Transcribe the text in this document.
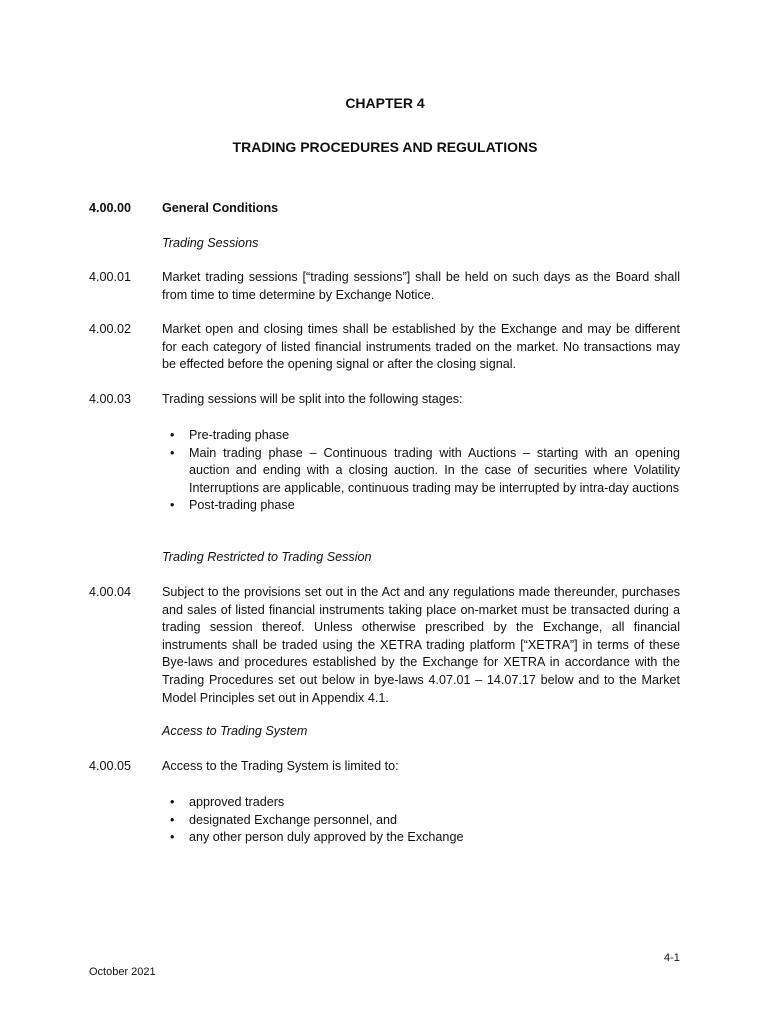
CHAPTER 4
TRADING PROCEDURES AND REGULATIONS
4.00.00 General Conditions
Trading Sessions
4.00.01 Market trading sessions [“trading sessions”] shall be held on such days as the Board shall from time to time determine by Exchange Notice.
4.00.02 Market open and closing times shall be established by the Exchange and may be different for each category of listed financial instruments traded on the market. No transactions may be effected before the opening signal or after the closing signal.
4.00.03 Trading sessions will be split into the following stages:
• Pre-trading phase
• Main trading phase – Continuous trading with Auctions – starting with an opening auction and ending with a closing auction. In the case of securities where Volatility Interruptions are applicable, continuous trading may be interrupted by intra-day auctions
• Post-trading phase
Trading Restricted to Trading Session
4.00.04 Subject to the provisions set out in the Act and any regulations made thereunder, purchases and sales of listed financial instruments taking place on-market must be transacted during a trading session thereof. Unless otherwise prescribed by the Exchange, all financial instruments shall be traded using the XETRA trading platform [“XETRA”] in terms of these Bye-laws and procedures established by the Exchange for XETRA in accordance with the Trading Procedures set out below in bye-laws 4.07.01 – 14.07.17 below and to the Market Model Principles set out in Appendix 4.1.
Access to Trading System
4.00.05 Access to the Trading System is limited to:
• approved traders
• designated Exchange personnel, and
• any other person duly approved by the Exchange
4-1
October 2021
